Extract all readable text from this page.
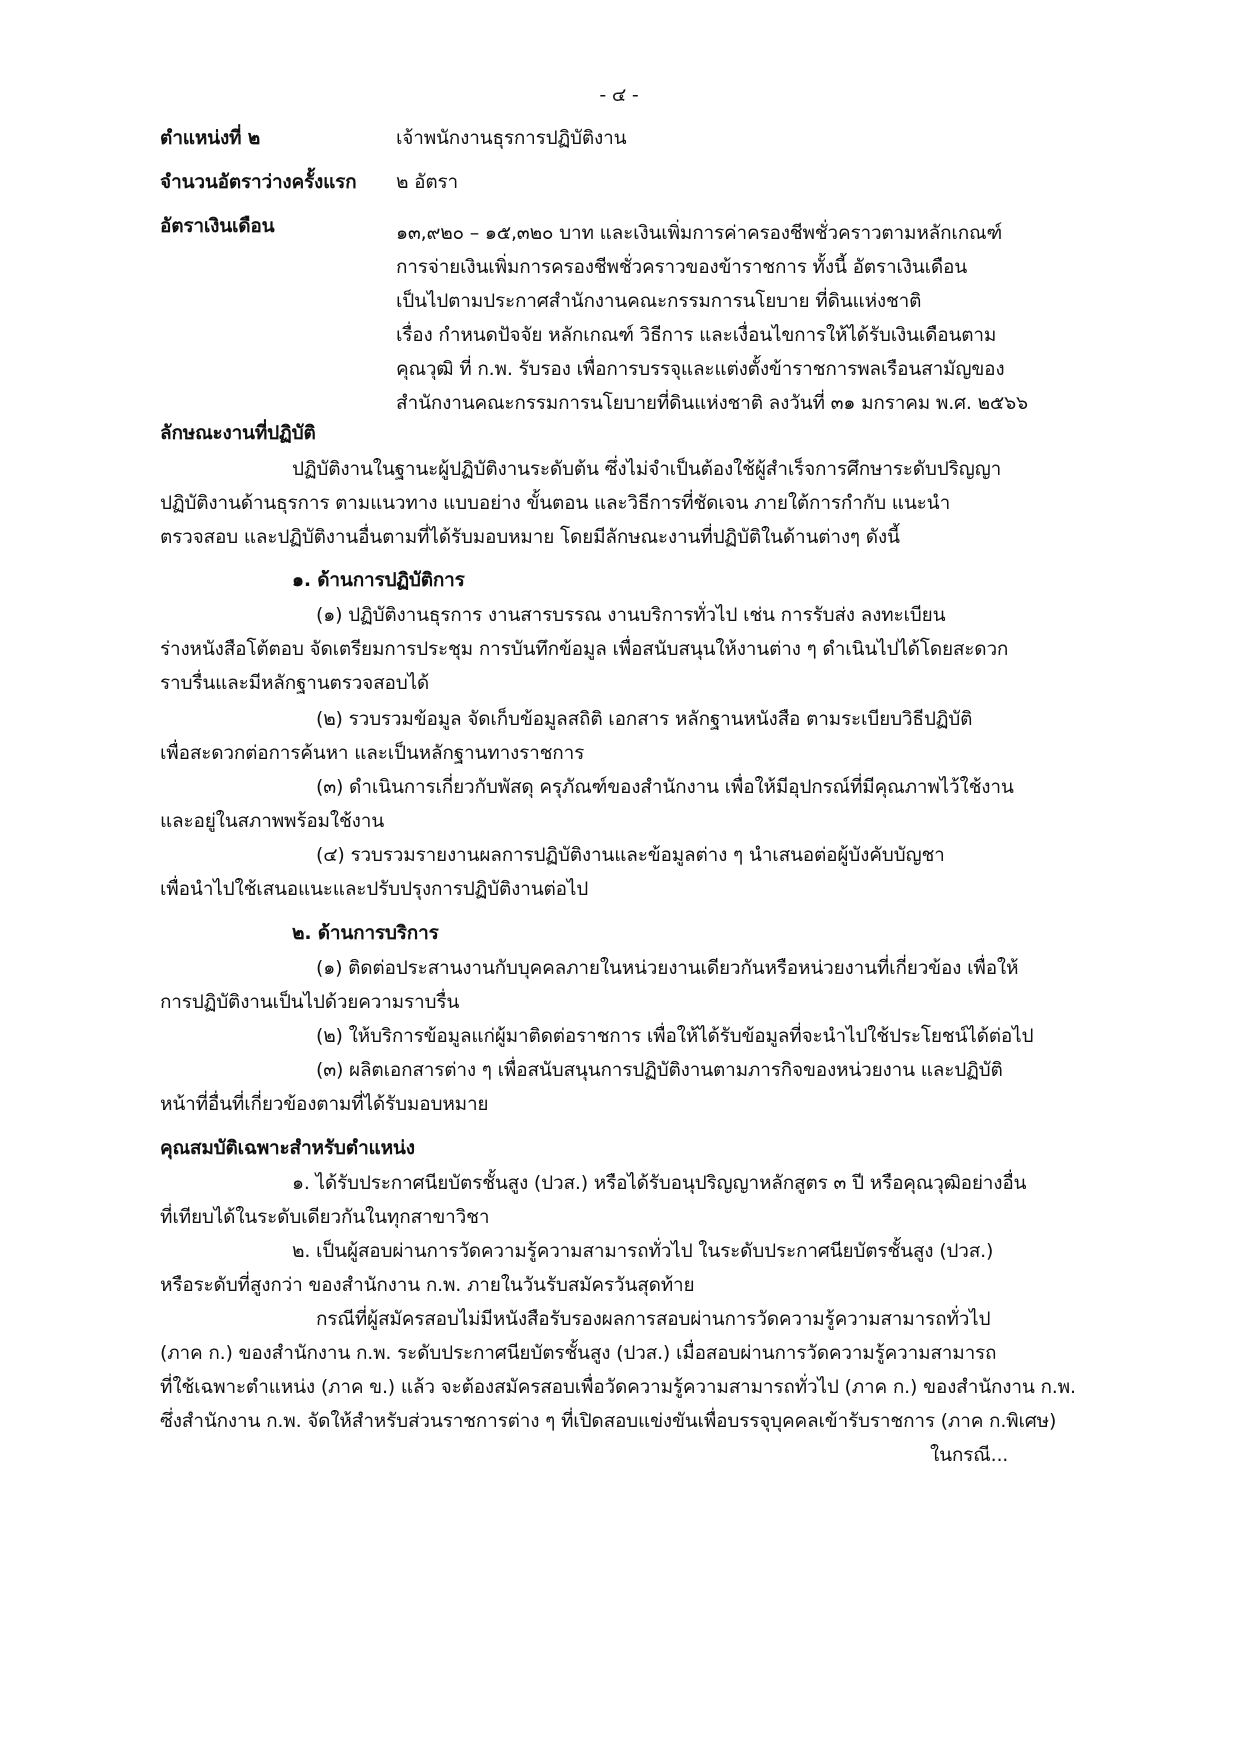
- ๔ -
ตำแหน่งที่ ๒	เจ้าพนักงานธุรการปฏิบัติงาน
จำนวนอัตราว่างครั้งแรก ๒ อัตรา
อัตราเงินเดือน	๑๓,๙๒๐ – ๑๕,๓๒๐ บาท และเงินเพิ่มการค่าครองชีพชั่วคราวตามหลักเกณฑ์
การจ่ายเงินเพิ่มการครองชีพชั่วคราวของข้าราชการ ทั้งนี้ อัตราเงินเดือน
เป็นไปตามประกาศสำนักงานคณะกรรมการนโยบาย ที่ดินแห่งชาติ
เรื่อง กำหนดปัจจัย หลักเกณฑ์ วิธีการ และเงื่อนไขการให้ได้รับเงินเดือนตาม
คุณวุฒิ ที่ ก.พ. รับรอง เพื่อการบรรจุและแต่งตั้งข้าราชการพลเรือนสามัญของ
สำนักงานคณะกรรมการนโยบายที่ดินแห่งชาติ ลงวันที่ ๓๑ มกราคม พ.ศ. ๒๕๖๖
ลักษณะงานที่ปฏิบัติ
ปฏิบัติงานในฐานะผู้ปฏิบัติงานระดับต้น ซึ่งไม่จำเป็นต้องใช้ผู้สำเร็จการศึกษาระดับปริญญา
ปฏิบัติงานด้านธุรการ ตามแนวทาง แบบอย่าง ขั้นตอน และวิธีการที่ชัดเจน ภายใต้การกำกับ แนะนำ
ตรวจสอบ และปฏิบัติงานอื่นตามที่ได้รับมอบหมาย โดยมีลักษณะงานที่ปฏิบัติในด้านต่างๆ ดังนี้
๑. ด้านการปฏิบัติการ
(๑) ปฏิบัติงานธุรการ งานสารบรรณ งานบริการทั่วไป เช่น การรับส่ง ลงทะเบียน
ร่างหนังสือโต้ตอบ จัดเตรียมการประชุม การบันทึกข้อมูล เพื่อสนับสนุนให้งานต่าง ๆ ดำเนินไปได้โดยสะดวก
ราบรื่นและมีหลักฐานตรวจสอบได้
(๒) รวบรวมข้อมูล จัดเก็บข้อมูลสถิติ เอกสาร หลักฐานหนังสือ ตามระเบียบวิธีปฏิบัติ
เพื่อสะดวกต่อการค้นหา และเป็นหลักฐานทางราชการ
(๓) ดำเนินการเกี่ยวกับพัสดุ ครุภัณฑ์ของสำนักงาน เพื่อให้มีอุปกรณ์ที่มีคุณภาพไว้ใช้งาน
และอยู่ในสภาพพร้อมใช้งาน
(๔) รวบรวมรายงานผลการปฏิบัติงานและข้อมูลต่าง ๆ นำเสนอต่อผู้บังคับบัญชา
เพื่อนำไปใช้เสนอแนะและปรับปรุงการปฏิบัติงานต่อไป
๒. ด้านการบริการ
(๑) ติดต่อประสานงานกับบุคคลภายในหน่วยงานเดียวกันหรือหน่วยงานที่เกี่ยวข้อง เพื่อให้
การปฏิบัติงานเป็นไปด้วยความราบรื่น
(๒) ให้บริการข้อมูลแก่ผู้มาติดต่อราชการ เพื่อให้ได้รับข้อมูลที่จะนำไปใช้ประโยชน์ได้ต่อไป
(๓) ผลิตเอกสารต่าง ๆ เพื่อสนับสนุนการปฏิบัติงานตามภารกิจของหน่วยงาน และปฏิบัติ
หน้าที่อื่นที่เกี่ยวข้องตามที่ได้รับมอบหมาย
คุณสมบัติเฉพาะสำหรับตำแหน่ง
๑. ได้รับประกาศนียบัตรชั้นสูง (ปวส.) หรือได้รับอนุปริญญาหลักสูตร ๓ ปี หรือคุณวุฒิอย่างอื่น
ที่เทียบได้ในระดับเดียวกันในทุกสาขาวิชา
๒. เป็นผู้สอบผ่านการวัดความรู้ความสามารถทั่วไป ในระดับประกาศนียบัตรชั้นสูง (ปวส.)
หรือระดับที่สูงกว่า ของสำนักงาน ก.พ. ภายในวันรับสมัครวันสุดท้าย
กรณีที่ผู้สมัครสอบไม่มีหนังสือรับรองผลการสอบผ่านการวัดความรู้ความสามารถทั่วไป
(ภาค ก.) ของสำนักงาน ก.พ. ระดับประกาศนียบัตรชั้นสูง (ปวส.) เมื่อสอบผ่านการวัดความรู้ความสามารถ
ที่ใช้เฉพาะตำแหน่ง (ภาค ข.) แล้ว จะต้องสมัครสอบเพื่อวัดความรู้ความสามารถทั่วไป (ภาค ก.) ของสำนักงาน ก.พ.
ซึ่งสำนักงาน ก.พ. จัดให้สำหรับส่วนราชการต่าง ๆ ที่เปิดสอบแข่งขันเพื่อบรรจุบุคคลเข้ารับราชการ (ภาค ก.พิเศษ)
ในกรณี...
